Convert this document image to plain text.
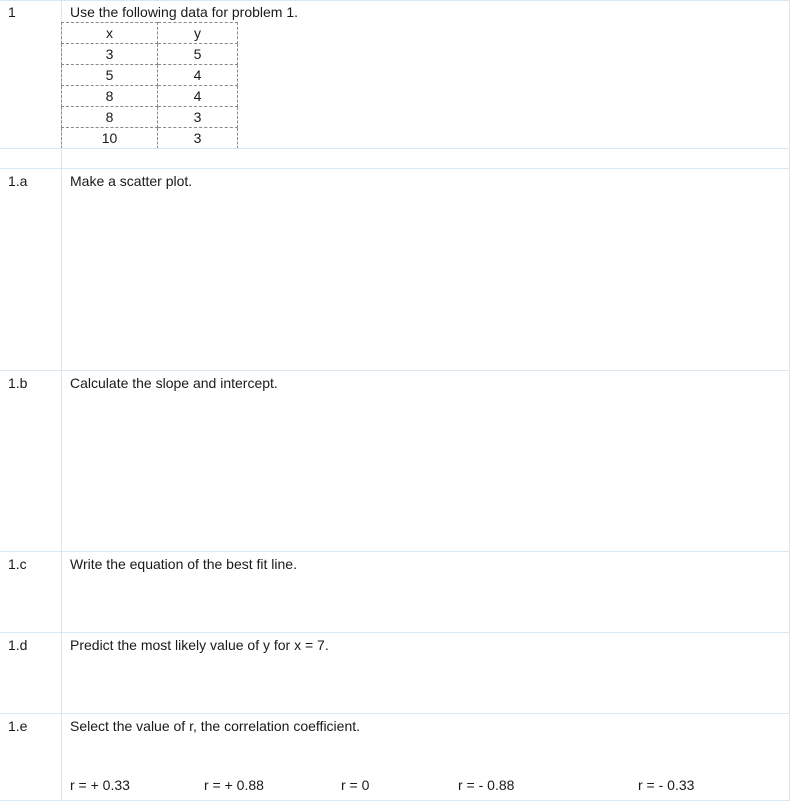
1	Use the following data for problem 1.
x	y
3	5
5	4
8	4
8	3
10	3
1.a	Make a scatter plot.
1.b	Calculate the slope and intercept.
1.c	Write the equation of the best fit line.
1.d	Predict the most likely value of y for x = 7.
1.e	Select the value of r, the correlation coefficient.
r = + 0.33	r = + 0.88	r = 0	r = - 0.88	r = - 0.33
